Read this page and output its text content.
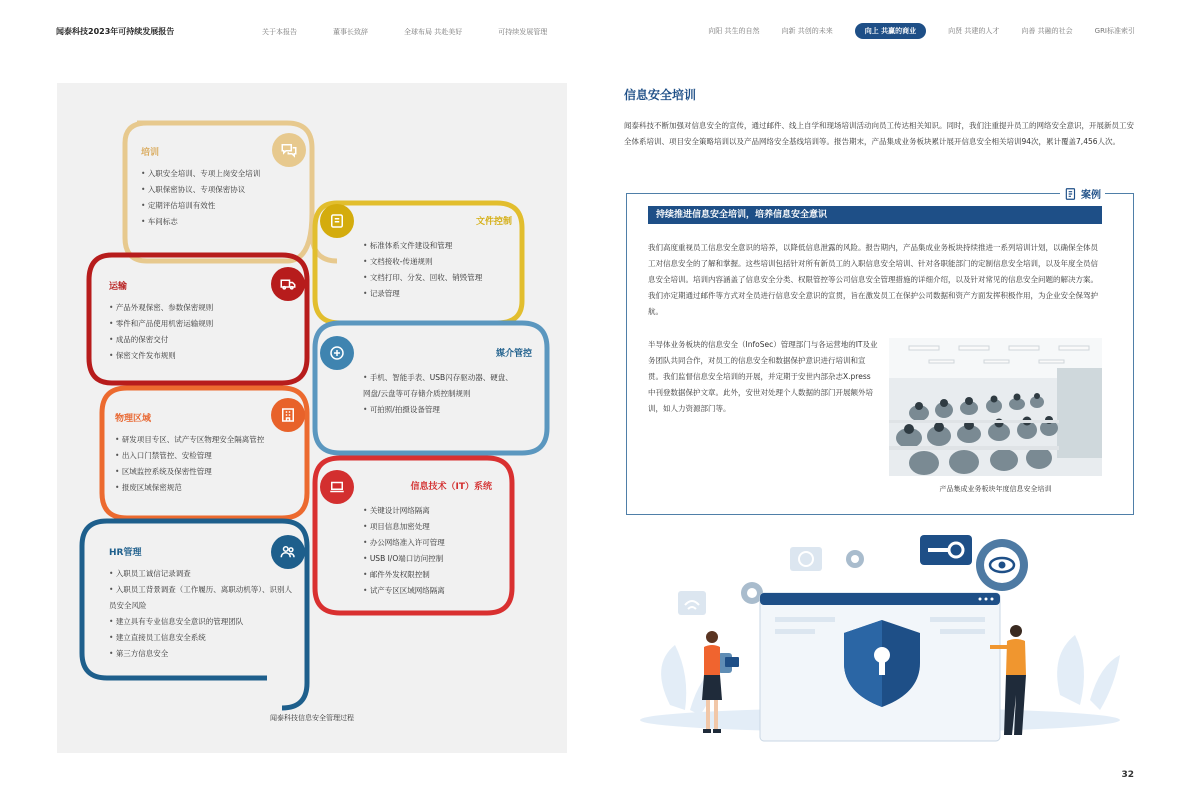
闻泰科技2023年可持续发展报告	关于本报告	董事长致辞	全球布局 共赴美好	可持续发展管理	向阳 共生的自然	向新 共创的未来	向上 共赢的商业	向贤 共建的人才	向善 共融的社会	GRI标准索引
培训
• 入职安全培训、专项上岗安全培训
• 入职保密协议、专项保密协议
• 定期评估培训有效性
• 车间标志	文件控制
• 标准体系文件建设和管理
• 文档接收-传递规则
• 文档打印、分发、回收、销毁管理
• 记录管理
运输
• 产品外观保密、参数保密规则
• 零件和产品使用机密运输规则
• 成品的保密交付
• 保密文件发布规则	媒介管控
• 手机、智能手表、USB闪存驱动器、硬盘、网盘/云盘等可存储介质控制规则
• 可拍照/拍摄设备管理
物理区域
• 研发项目专区、试产专区物理安全隔离管控
• 出入口门禁管控、安检管理
• 区域监控系统及保密性管理
• 报废区域保密规范	信息技术（IT）系统
• 关键设计网络隔离
• 项目信息加密处理
• 办公网络准入许可管理
• USB I/O端口访问控制
• 邮件外发权限控制
• 试产专区区域网络隔离
HR管理
• 入职员工诚信记录调查
• 入职员工背景调查（工作履历、离职动机等）、识别人员安全风险
• 建立具有专业信息安全意识的管理团队
• 建立直接员工信息安全系统
• 第三方信息安全
闻泰科技信息安全管理过程
信息安全培训
闻泰科技不断加强对信息安全的宣传，通过邮件、线上自学和现场培训活动向员工传达相关知识。同时，我们注重提升员工的网络安全意识，开展新员工安全体系培训、项目安全策略培训以及产品网络安全基线培训等。报告期末，产品集成业务板块累计展开信息安全相关培训94次，累计覆盖7,456人次。
案例
持续推进信息安全培训，培养信息安全意识
我们高度重视员工信息安全意识的培养，以降低信息泄露的风险。报告期内，产品集成业务板块持续推进一系列培训计划，以确保全体员工对信息安全的了解和掌握。这些培训包括针对所有新员工的入职信息安全培训、针对各职能部门的定制信息安全培训，以及年度全员信息安全培训。培训内容涵盖了信息安全分类、权限管控等公司信息安全管理措施的详细介绍，以及针对常见的信息安全问题的解决方案。我们亦定期通过邮件等方式对全员进行信息安全意识的宣贯，旨在激发员工在保护公司数据和资产方面发挥积极作用，为企业安全保驾护航。
半导体业务板块的信息安全（InfoSec）管理部门与各运营地的IT及业务团队共同合作，对员工的信息安全和数据保护意识进行培训和宣贯。我们监督信息安全培训的开展，并定期于安世内部杂志X.press中刊登数据保护文章。此外，安世对处理个人数据的部门开展额外培训，如人力资源部门等。
产品集成业务板块年度信息安全培训
32
